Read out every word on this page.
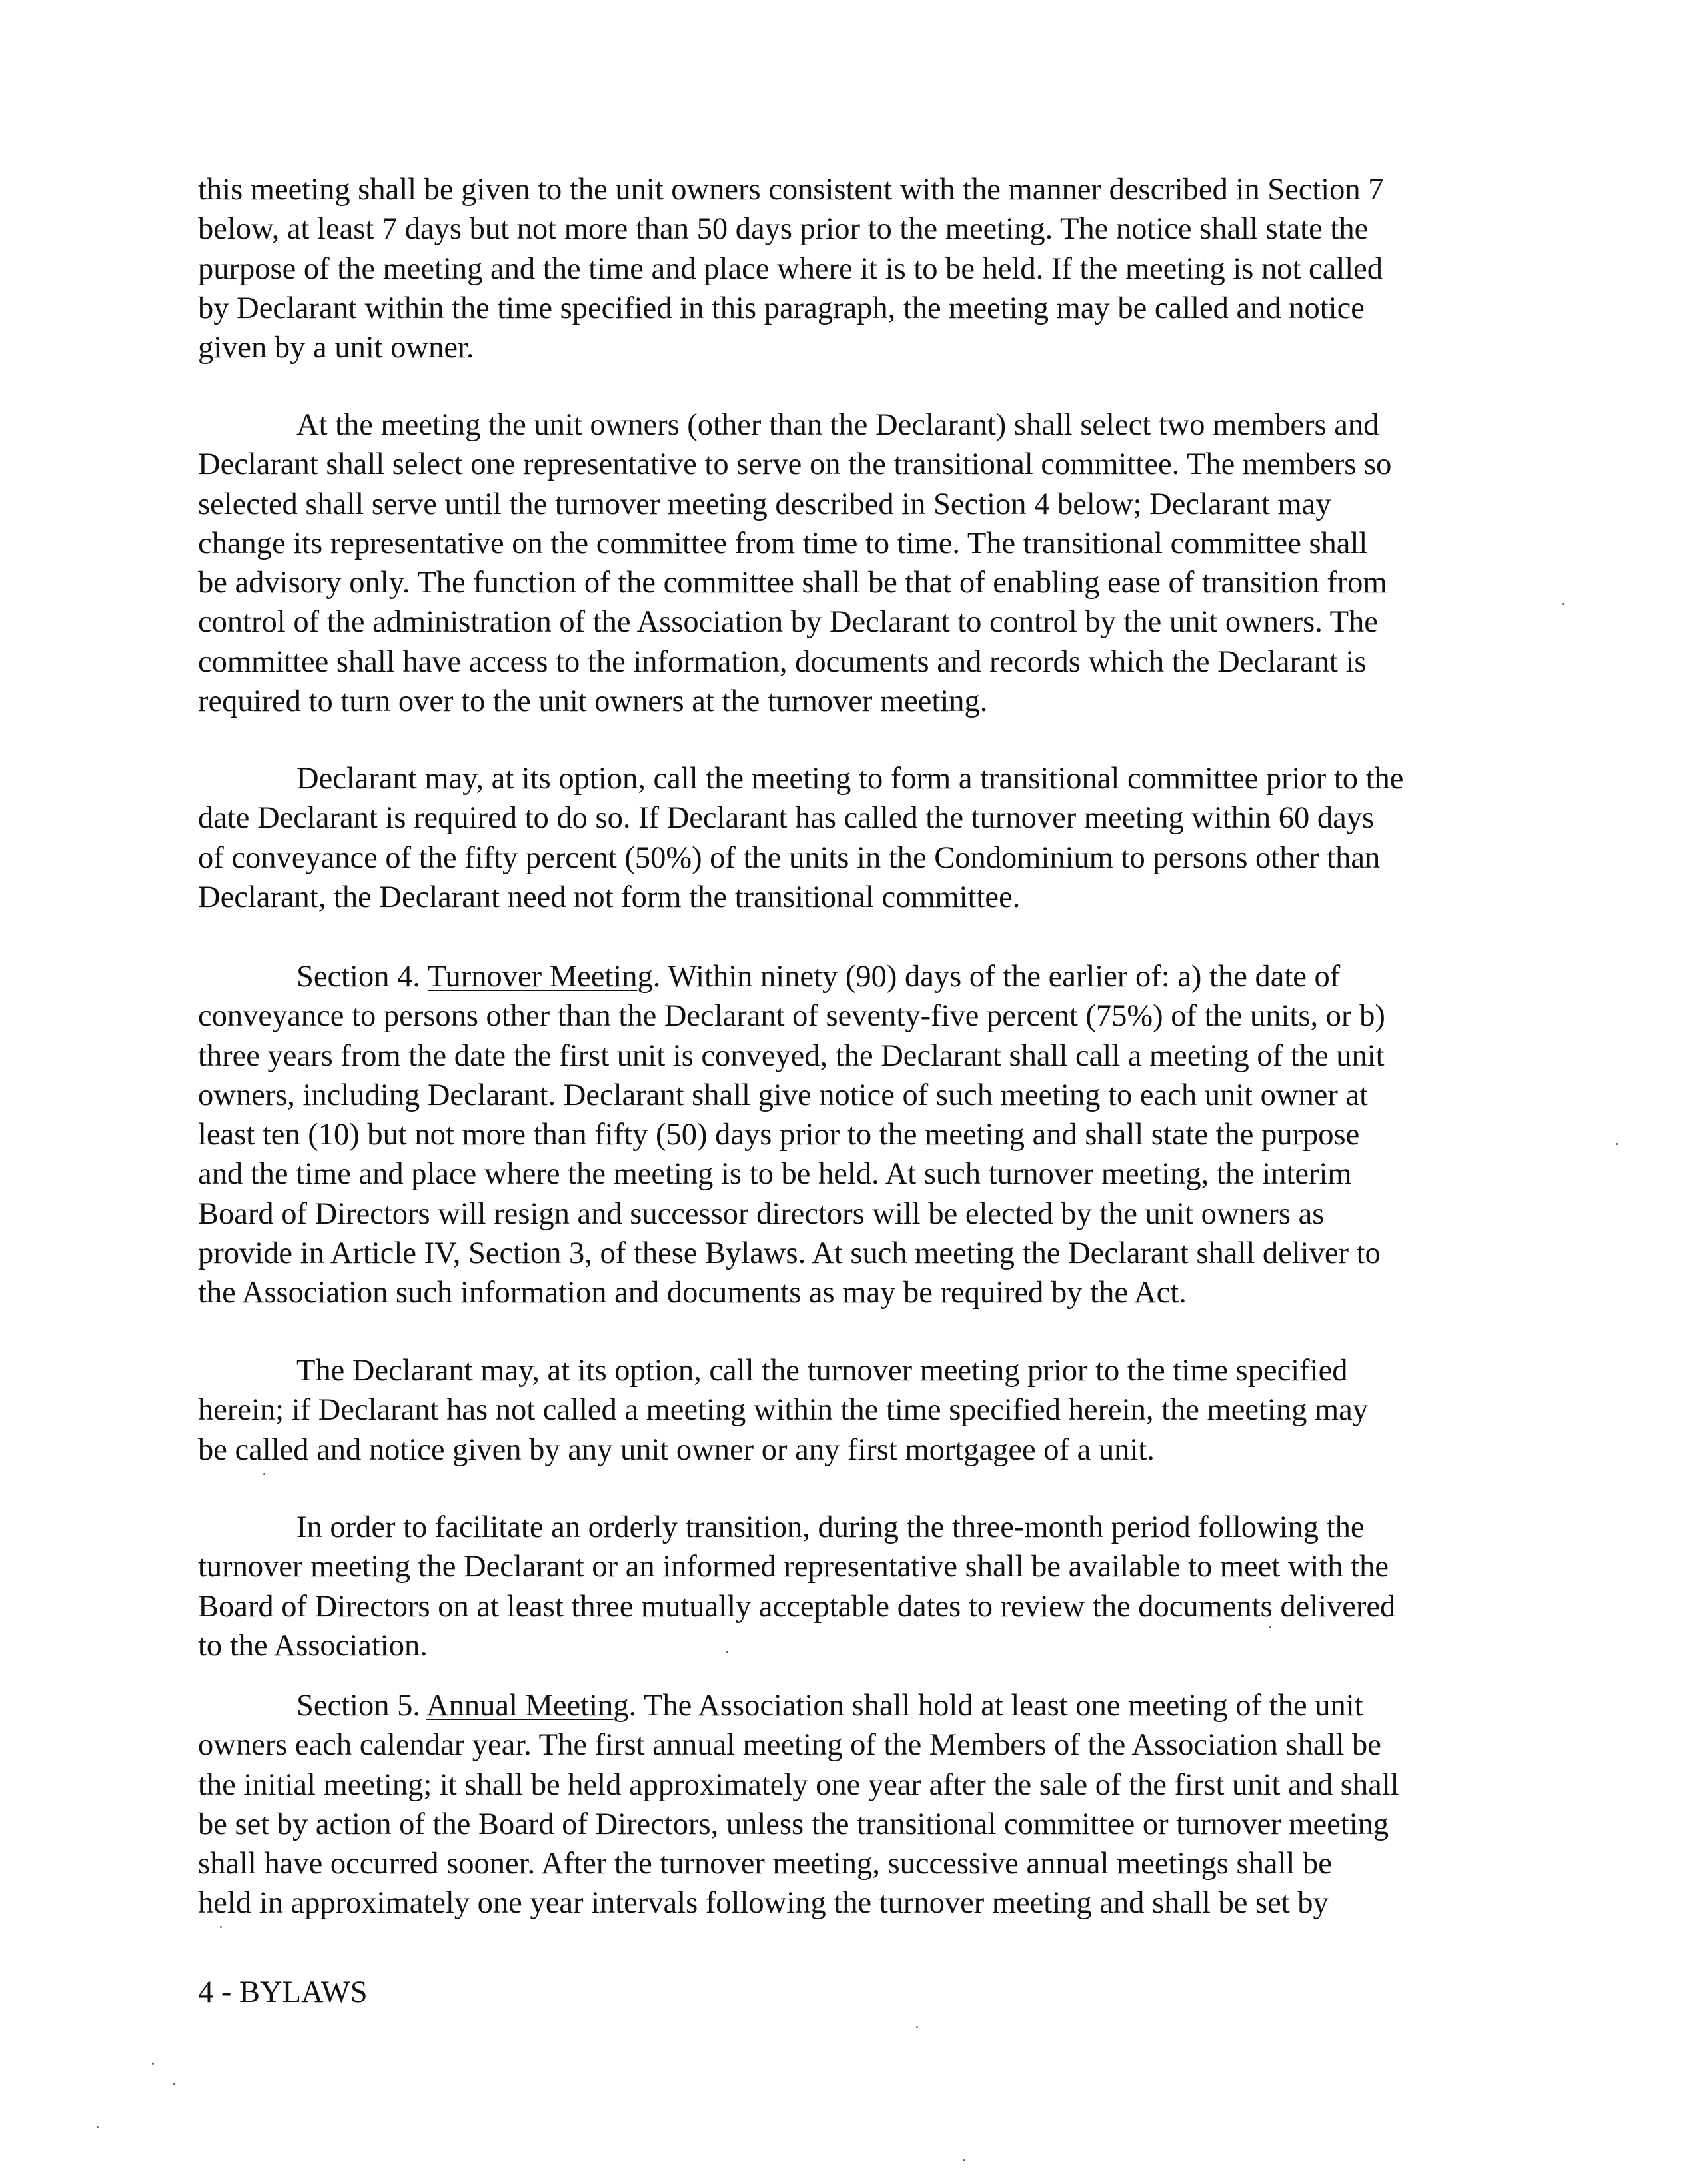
this meeting shall be given to the unit owners consistent with the manner described in Section 7
below, at least 7 days but not more than 50 days prior to the meeting. The notice shall state the
purpose of the meeting and the time and place where it is to be held. If the meeting is not called
by Declarant within the time specified in this paragraph, the meeting may be called and notice
given by a unit owner.
At the meeting the unit owners (other than the Declarant) shall select two members and
Declarant shall select one representative to serve on the transitional committee. The members so
selected shall serve until the turnover meeting described in Section 4 below; Declarant may
change its representative on the committee from time to time. The transitional committee shall
be advisory only. The function of the committee shall be that of enabling ease of transition from
control of the administration of the Association by Declarant to control by the unit owners. The
committee shall have access to the information, documents and records which the Declarant is
required to turn over to the unit owners at the turnover meeting.
Declarant may, at its option, call the meeting to form a transitional committee prior to the
date Declarant is required to do so. If Declarant has called the turnover meeting within 60 days
of conveyance of the fifty percent (50%) of the units in the Condominium to persons other than
Declarant, the Declarant need not form the transitional committee.
Section 4. Turnover Meeting. Within ninety (90) days of the earlier of: a) the date of
conveyance to persons other than the Declarant of seventy-five percent (75%) of the units, or b)
three years from the date the first unit is conveyed, the Declarant shall call a meeting of the unit
owners, including Declarant. Declarant shall give notice of such meeting to each unit owner at
least ten (10) but not more than fifty (50) days prior to the meeting and shall state the purpose
and the time and place where the meeting is to be held. At such turnover meeting, the interim
Board of Directors will resign and successor directors will be elected by the unit owners as
provide in Article IV, Section 3, of these Bylaws. At such meeting the Declarant shall deliver to
the Association such information and documents as may be required by the Act.
The Declarant may, at its option, call the turnover meeting prior to the time specified
herein; if Declarant has not called a meeting within the time specified herein, the meeting may
be called and notice given by any unit owner or any first mortgagee of a unit.
In order to facilitate an orderly transition, during the three-month period following the
turnover meeting the Declarant or an informed representative shall be available to meet with the
Board of Directors on at least three mutually acceptable dates to review the documents delivered
to the Association.
Section 5. Annual Meeting. The Association shall hold at least one meeting of the unit
owners each calendar year. The first annual meeting of the Members of the Association shall be
the initial meeting; it shall be held approximately one year after the sale of the first unit and shall
be set by action of the Board of Directors, unless the transitional committee or turnover meeting
shall have occurred sooner. After the turnover meeting, successive annual meetings shall be
held in approximately one year intervals following the turnover meeting and shall be set by
4 - BYLAWS
